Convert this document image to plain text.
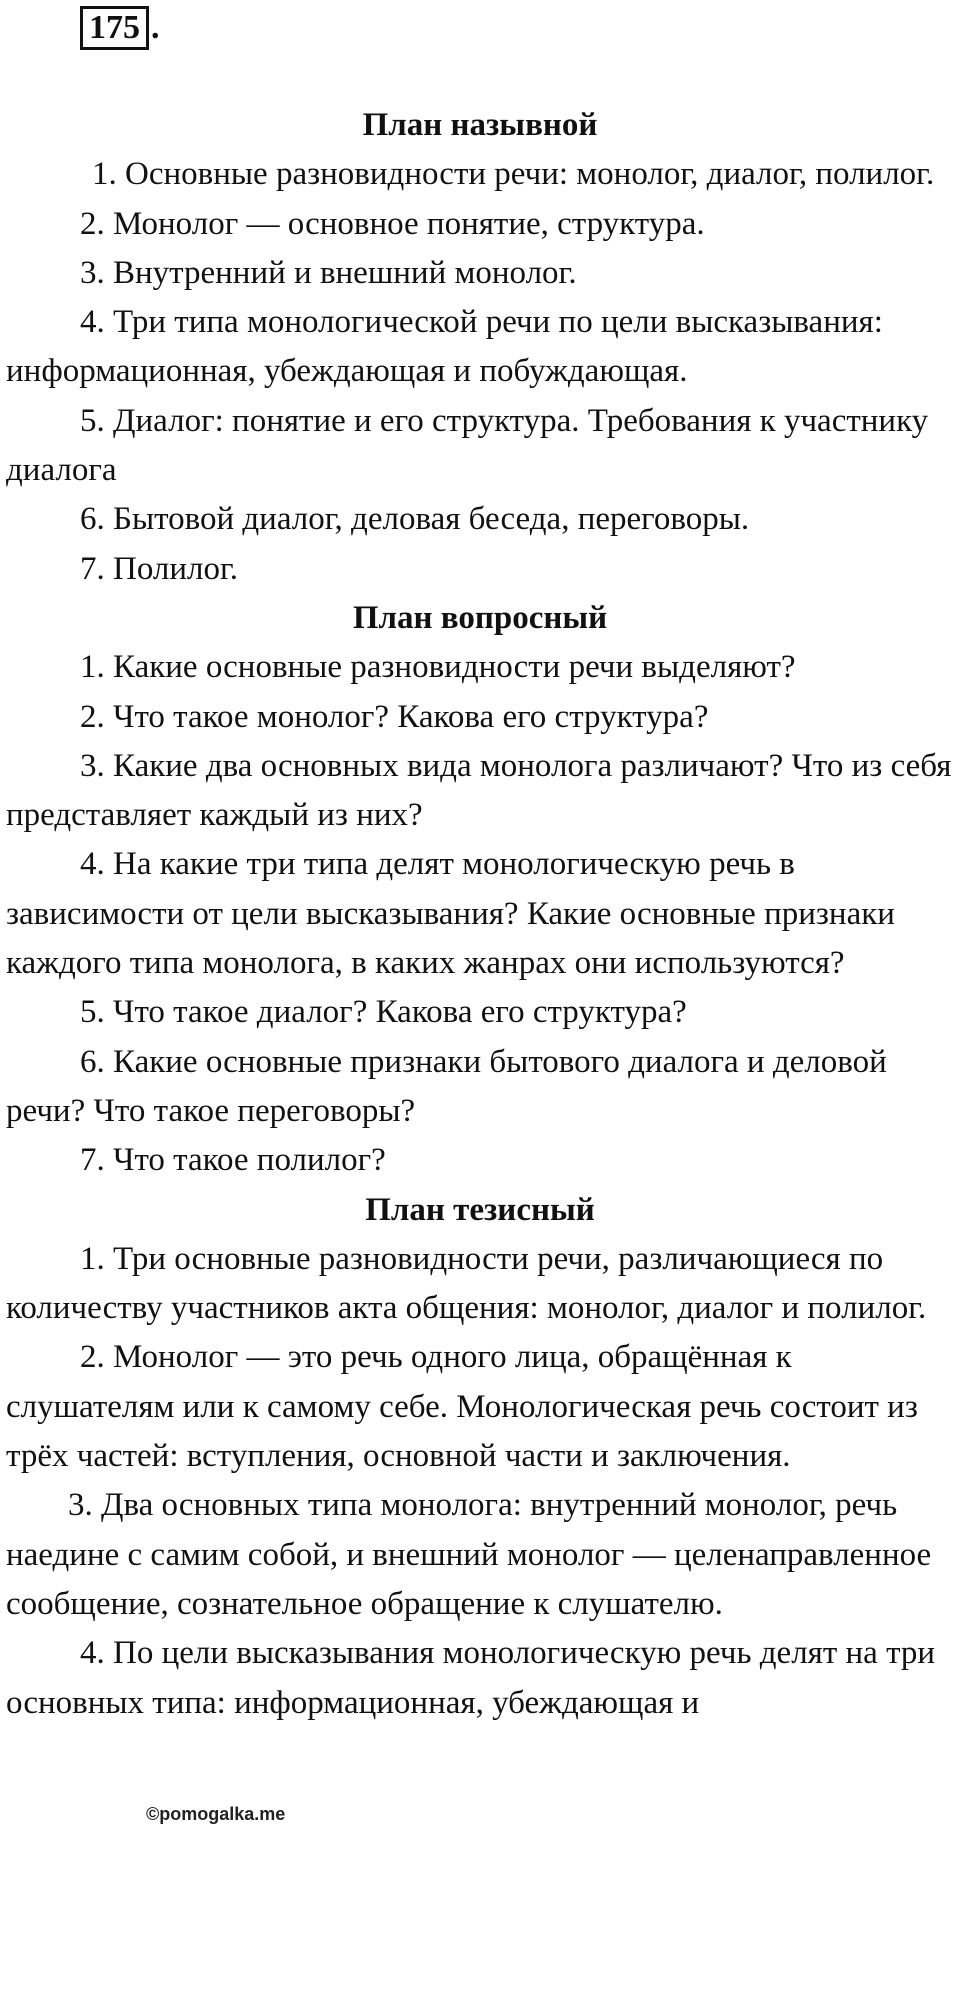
175 .

План назывной

1. Основные разновидности речи: монолог, диалог, полилог.

2. Монолог — основное понятие, структура.

3. Внутренний и внешний монолог.

4. Три типа монологической речи по цели высказывания: информационная, убеждающая и побуждающая.

5. Диалог: понятие и его структура. Требования к участнику диалога

6. Бытовой диалог, деловая беседа, переговоры.

7. Полилог.

План вопросный

1. Какие основные разновидности речи выделяют?

2. Что такое монолог? Какова его структура?

3. Какие два основных вида монолога различают? Что из себя представляет каждый из них?

4. На какие три типа делят монологическую речь в зависимости от цели высказывания? Какие основные признаки каждого типа монолога, в каких жанрах они используются?

5. Что такое диалог? Какова его структура?

6. Какие основные признаки бытового диалога и деловой речи? Что такое переговоры?

7. Что такое полилог?

План тезисный

1. Три основные разновидности речи, различающиеся по количеству участников акта общения: монолог, диалог и полилог.

2. Монолог — это речь одного лица, обращённая к слушателям или к самому себе. Монологическая речь состоит из трёх частей: вступления, основной части и заключения.

3. Два основных типа монолога: внутренний монолог, речь наедине с самим собой, и внешний монолог — целенаправленное сообщение, сознательное обращение к слушателю.

4. По цели высказывания монологическую речь делят на три основных типа: информационная, убеждающая и

©pomogalka.me
